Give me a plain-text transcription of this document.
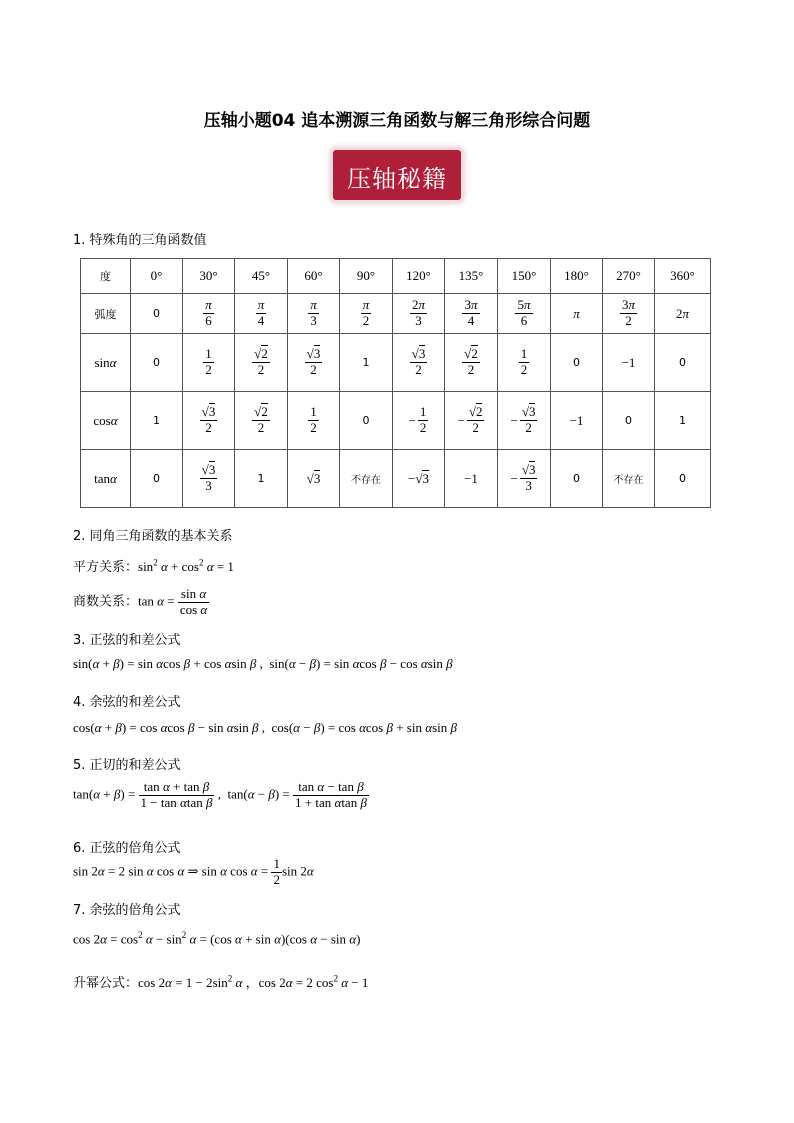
压轴小题04 追本溯源三角函数与解三角形综合问题
压轴秘籍
1. 特殊角的三角函数值
度	0°	30°	45°	60°	90°	120°	135°	150°	180°	270°	360°
弧度	0	$\frac{\pi}{6}$	$\frac{\pi}{4}$	$\frac{\pi}{3}$	$\frac{\pi}{2}$	$\frac{2\pi}{3}$	$\frac{3\pi}{4}$	$\frac{5\pi}{6}$	π	$\frac{3\pi}{2}$	2π
sinα	0	$\frac{1}{2}$	$\frac{√2}{2}$	$\frac{√3}{2}$	1	$\frac{√3}{2}$	$\frac{√2}{2}$	$\frac{1}{2}$	0	−1	0
cosα	1	$\frac{√3}{2}$	$\frac{√2}{2}$	$\frac{1}{2}$	0	− $\frac{1}{2}$	− $\frac{√2}{2}$	− $\frac{√3}{2}$	−1	0	1
tanα	0	$\frac{√3}{3}$	1	√3	不存在	−√3	−1	− $\frac{√3}{3}$	0	不存在	0
2. 同角三角函数的基本关系
平方关系：$\sin^2 \alpha + \cos^2 \alpha = 1$
商数关系：$\tan \alpha = \frac{\text{sin α}}{\text{cos α}}$
3. 正弦的和差公式
sin(α + β) = sin αcos β + cos αsin β ,  sin(α − β) = sin αcos β − cos αsin β
4. 余弦的和差公式
cos(α + β) = cos αcos β − sin αsin β ,  cos(α − β) = cos αcos β + sin αsin β
5. 正切的和差公式
$\tan(\alpha + \beta) = \frac{\text{tan α + tan β}}{\text{1 − tan αtan β}}$ ,  $\tan(\alpha - \beta) = \frac{\text{tan α − tan β}}{\text{1 + tan αtan β}}$
6. 正弦的倍角公式
sin 2α = 2 sin α cos α ⇒ sin α $\cos \alpha = \frac{1}{2}$ sin 2α
7. 余弦的倍角公式
$\cos 2\alpha = \cos^2 \alpha - \sin^2 \alpha = (\cos$ α + sin α)(cos α − sin α)
升幂公式：$\cos 2\alpha = 1 - 2\sin^2$ α ，cos 2α = 2 $\cos^2 \alpha - 1$
